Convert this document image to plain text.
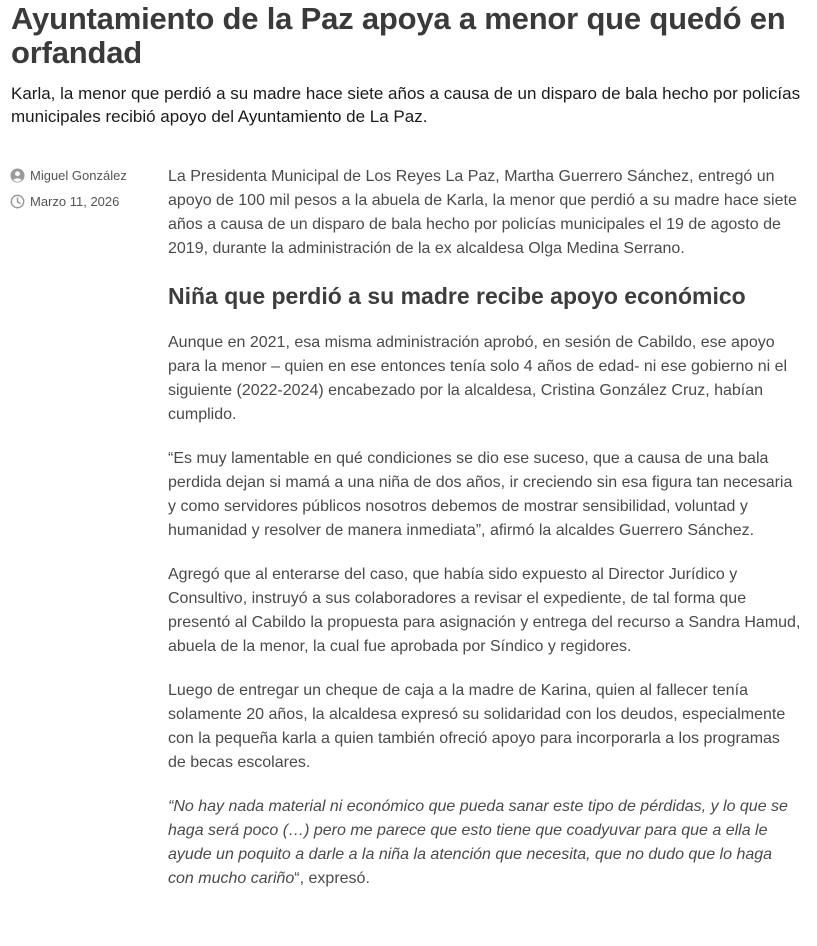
Ayuntamiento de la Paz apoya a menor que quedó en orfandad

Karla, la menor que perdió a su madre hace siete años a causa de un disparo de bala hecho por policías municipales recibió apoyo del Ayuntamiento de La Paz.

Miguel González
Marzo 11, 2026

La Presidenta Municipal de Los Reyes La Paz, Martha Guerrero Sánchez, entregó un apoyo de 100 mil pesos a la abuela de Karla, la menor que perdió a su madre hace siete años a causa de un disparo de bala hecho por policías municipales el 19 de agosto de 2019, durante la administración de la ex alcaldesa Olga Medina Serrano.

Niña que perdió a su madre recibe apoyo económico

Aunque en 2021, esa misma administración aprobó, en sesión de Cabildo, ese apoyo para la menor – quien en ese entonces tenía solo 4 años de edad- ni ese gobierno ni el siguiente (2022-2024) encabezado por la alcaldesa, Cristina González Cruz, habían cumplido.

“Es muy lamentable en qué condiciones se dio ese suceso, que a causa de una bala perdida dejan si mamá a una niña de dos años, ir creciendo sin esa figura tan necesaria y como servidores públicos nosotros debemos de mostrar sensibilidad, voluntad y humanidad y resolver de manera inmediata”, afirmó la alcaldes Guerrero Sánchez.

Agregó que al enterarse del caso, que había sido expuesto al Director Jurídico y Consultivo, instruyó a sus colaboradores a revisar el expediente, de tal forma que presentó al Cabildo la propuesta para asignación y entrega del recurso a Sandra Hamud, abuela de la menor, la cual fue aprobada por Síndico y regidores.

Luego de entregar un cheque de caja a la madre de Karina, quien al fallecer tenía solamente 20 años, la alcaldesa expresó su solidaridad con los deudos, especialmente con la pequeña karla a quien también ofreció apoyo para incorporarla a los programas de becas escolares.

“No hay nada material ni económico que pueda sanar este tipo de pérdidas, y lo que se haga será poco (…) pero me parece que esto tiene que coadyuvar para que a ella le ayude un poquito a darle a la niña la atención que necesita, que no dudo que lo haga con mucho cariño“, expresó.
